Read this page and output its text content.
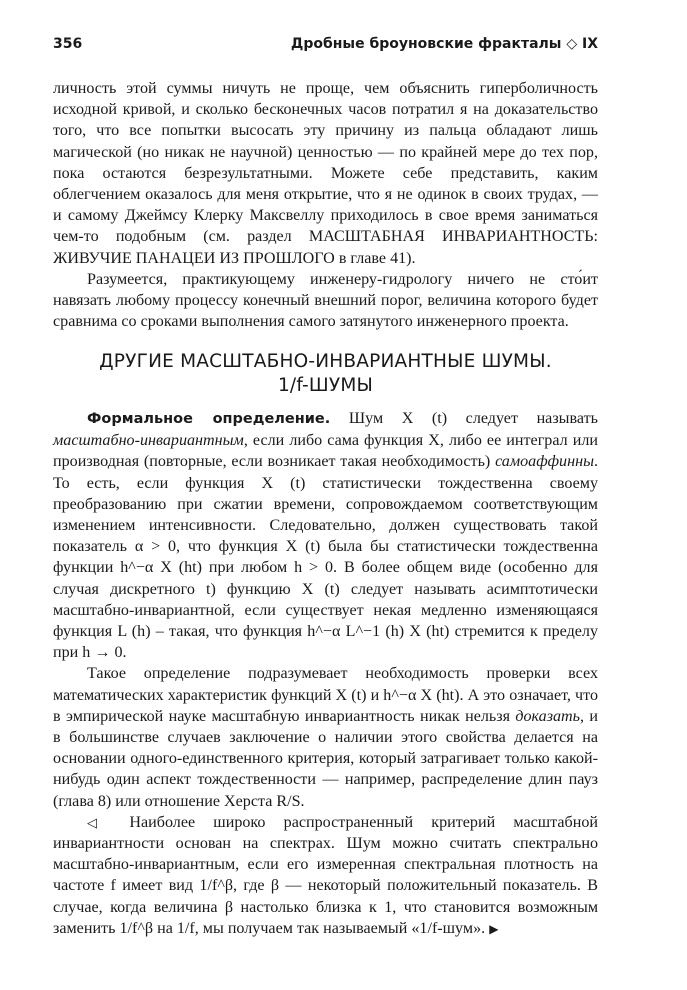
356	Дробные броуновские фракталы ◇ IX

личность этой суммы ничуть не проще, чем объяснить гиперболичность исходной кривой, и сколько бесконечных часов потратил я на доказательство того, что все попытки высосать эту причину из пальца обладают лишь магической (но никак не научной) ценностью — по крайней мере до тех пор, пока остаются безрезультатными. Можете себе представить, каким облегчением оказалось для меня открытие, что я не одинок в своих трудах, — и самому Джеймсу Клерку Максвеллу приходилось в свое время заниматься чем-то подобным (см. раздел МАСШТАБНАЯ ИНВАРИАНТНОСТЬ: ЖИВУЧИЕ ПАНАЦЕИ ИЗ ПРОШЛОГО в главе 41).

Разумеется, практикующему инженеру-гидрологу ничего не сто́ит навязать любому процессу конечный внешний порог, величина которого будет сравнима со сроками выполнения самого затянутого инженерного проекта.

ДРУГИЕ МАСШТАБНО-ИНВАРИАНТНЫЕ ШУМЫ.
1/f-ШУМЫ

Формальное определение. Шум X (t) следует называть масштабно-инвариантным, если либо сама функция X, либо ее интеграл или производная (повторные, если возникает такая необходимость) самоаффинны. То есть, если функция X (t) статистически тождественна своему преобразованию при сжатии времени, сопровождаемом соответствующим изменением интенсивности. Следовательно, должен существовать такой показатель α > 0, что функция X (t) была бы статистически тождественна функции h^−α X (ht) при любом h > 0. В более общем виде (особенно для случая дискретного t) функцию X (t) следует называть асимптотически масштабно-инвариантной, если существует некая медленно изменяющаяся функция L (h) – такая, что функция h^−α L^−1 (h) X (ht) стремится к пределу при h → 0.

Такое определение подразумевает необходимость проверки всех математических характеристик функций X (t) и h^−α X (ht). А это означает, что в эмпирической науке масштабную инвариантность никак нельзя доказать, и в большинстве случаев заключение о наличии этого свойства делается на основании одного-единственного критерия, который затрагивает только какой-нибудь один аспект тождественности — например, распределение длин пауз (глава 8) или отношение Херста R/S.

◁ Наиболее широко распространенный критерий масштабной инвариантности основан на спектрах. Шум можно считать спектрально масштабно-инвариантным, если его измеренная спектральная плотность на частоте f имеет вид 1/f^β, где β — некоторый положительный показатель. В случае, когда величина β настолько близка к 1, что становится возможным заменить 1/f^β на 1/f, мы получаем так называемый «1/f-шум». ▶
